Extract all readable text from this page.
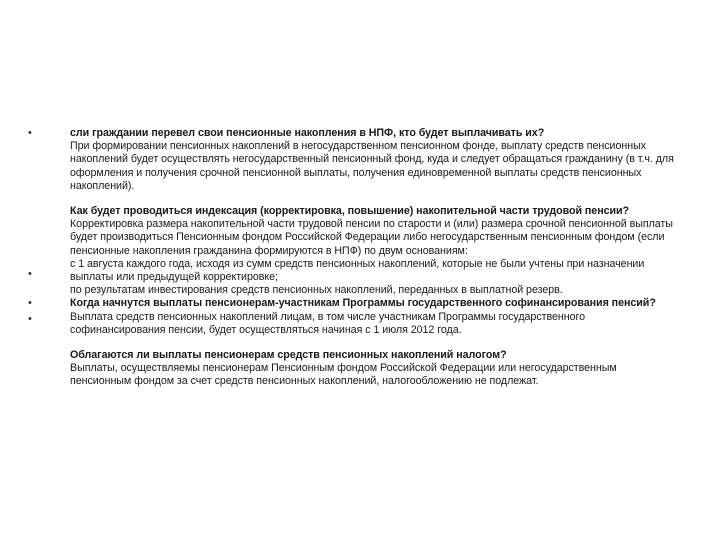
•
•
•
•

сли граждании перевел свои пенсионные накопления в НПФ, кто будет выплачивать их?

При формировании пенсионных накоплений в негосударственном пенсионном фонде, выплату средств пенсионных накоплений будет осуществлять негосударственный пенсионный фонд, куда и следует обращаться гражданину (в т.ч. для оформления и получения срочной пенсионной выплаты, получения единовременной выплаты средств пенсионных накоплений).

Как будет проводиться индексация (корректировка, повышение) накопительной части трудовой пенсии?

Корректировка размера накопительной части трудовой пенсии по старости и (или) размера срочной пенсионной выплаты будет производиться Пенсионным фондом Российской Федерации либо негосударственным пенсионным фондом (если пенсионные накопления гражданина формируются в НПФ) по двум основаниям:

с 1 августа каждого года, исходя из сумм средств пенсионных накоплений, которые не были учтены при назначении выплаты или предыдущей корректировке;

по результатам инвестирования средств пенсионных накоплений, переданных в выплатной резерв.

Когда начнутся выплаты пенсионерам-участникам Программы государственного софинансирования пенсий?

Выплата средств пенсионных накоплений лицам, в том числе участникам Программы государственного софинансирования пенсии, будет осуществляться начиная с 1 июля 2012 года.

Облагаются ли выплаты пенсионерам средств пенсионных накоплений налогом?

Выплаты, осуществляемы пенсионерам Пенсионным фондом Российской Федерации или негосударственным пенсионным фондом за счет средств пенсионных накоплений, налогообложению не подлежат.
